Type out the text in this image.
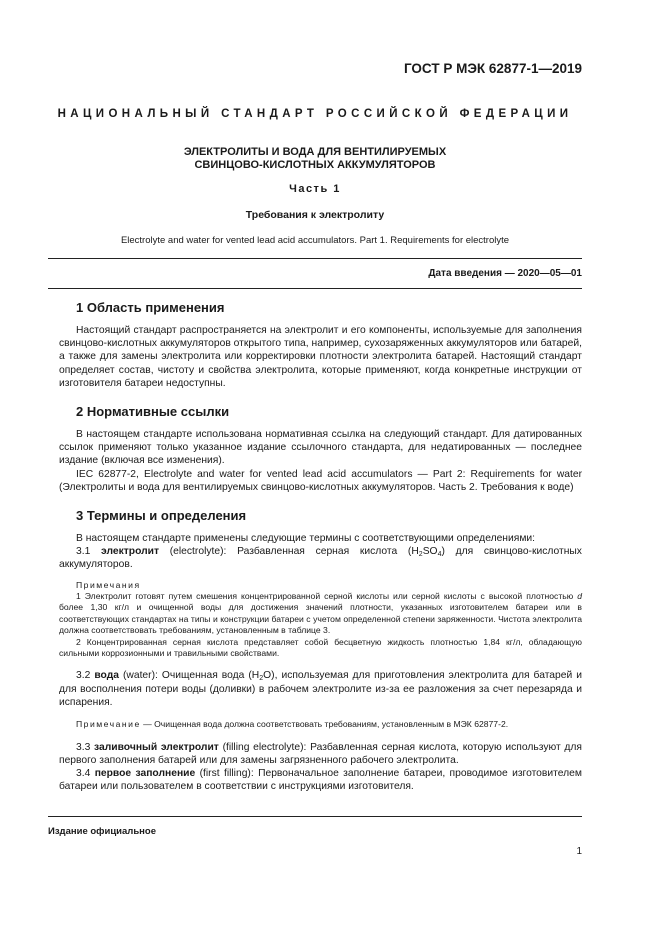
ГОСТ Р МЭК 62877-1—2019
НАЦИОНАЛЬНЫЙ СТАНДАРТ РОССИЙСКОЙ ФЕДЕРАЦИИ
ЭЛЕКТРОЛИТЫ И ВОДА ДЛЯ ВЕНТИЛИРУЕМЫХ
СВИНЦОВО-КИСЛОТНЫХ АККУМУЛЯТОРОВ
Часть 1
Требования к электролиту
Electrolyte and water for vented lead acid accumulators. Part 1. Requirements for electrolyte
Дата введения — 2020—05—01
1 Область применения

Настоящий стандарт распространяется на электролит и его компоненты, используемые для заполнения свинцово-кислотных аккумуляторов открытого типа, например, сухозаряженных аккумуляторов или батарей, а также для замены электролита или корректировки плотности электролита батарей. Настоящий стандарт определяет состав, чистоту и свойства электролита, которые применяют, когда конкретные инструкции от изготовителя батареи недоступны.

2 Нормативные ссылки

В настоящем стандарте использована нормативная ссылка на следующий стандарт. Для датированных ссылок применяют только указанное издание ссылочного стандарта, для недатированных — последнее издание (включая все изменения).

IEC 62877-2, Electrolyte and water for vented lead acid accumulators — Part 2: Requirements for water (Электролиты и вода для вентилируемых свинцово-кислотных аккумуляторов. Часть 2. Требования к воде)

3 Термины и определения

В настоящем стандарте применены следующие термины с соответствующими определениями:

3.1 электролит (electrolyte): Разбавленная серная кислота $(H_2SO_4)$ для свинцово-кислотных аккумуляторов.

Примечания

1 Электролит готовят путем смешения концентрированной серной кислоты или серной кислоты с высокой плотностью d более 1,30 кг/л и очищенной воды для достижения значений плотности, указанных изготовителем батареи или в соответствующих стандартах на типы и конструкции батареи с учетом определенной степени заряженности. Чистота электролита должна соответствовать требованиям, установленным в таблице 3.

2 Концентрированная серная кислота представляет собой бесцветную жидкость плотностью 1,84 кг/л, обладающую сильными коррозионными и травильными свойствами.

3.2 вода (water): Очищенная вода $(H_2O)$, используемая для приготовления электролита для батарей и для восполнения потери воды (доливки) в рабочем электролите из-за ее разложения за счет перезаряда и испарения.

Примечание — Очищенная вода должна соответствовать требованиям, установленным в МЭК 62877-2.

3.3 заливочный электролит (filling electrolyte): Разбавленная серная кислота, которую используют для первого заполнения батарей или для замены загрязненного рабочего электролита.

3.4 первое заполнение (first filling): Первоначальное заполнение батареи, проводимое изготовителем батареи или пользователем в соответствии с инструкциями изготовителя.

Издание официальное
1
